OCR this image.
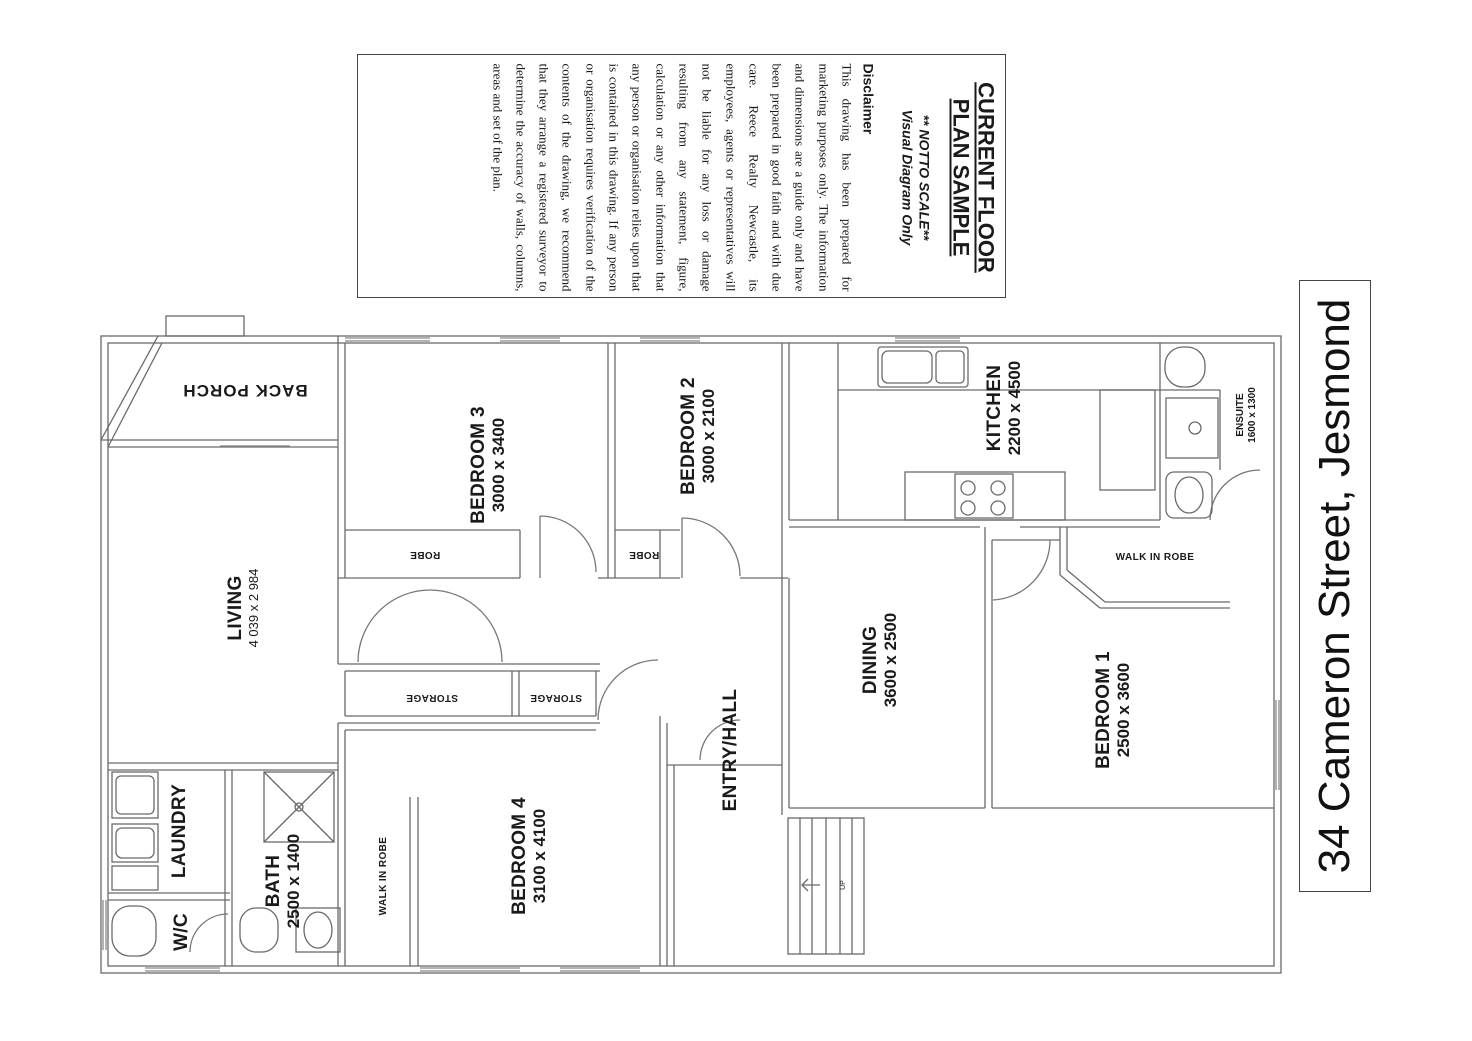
CURRENT FLOOR
PLAN SAMPLE
** NOTTO SCALE**
Visual Diagram Only
Disclaimer
This drawing has been prepared for marketing purposes only. The information and dimensions are a guide only and have been prepared in good faith and with due care. Reece Realty Newcastle, its employees, agents or representatives will not be liable for any loss or damage resulting from any statement, figure, calculation or any other information that any person or organisation relies upon that is contained in this drawing. If any person or organisation requires verification of the contents of the drawing, we recommend that they arrange a registered surveyor to determine the accuracy of walls, columns, areas and set of the plan.
34 Cameron Street, Jesmond
BACK PORCH
BEDROOM 3 3000 x 3400	BEDROOM 2 3000 x 2100	KITCHEN 2200 x 4500	ENSUITE 1600 x 1300
LIVING 4 039 x 2 984
ROBE	ROBE	WALK IN ROBE
STORAGE	STORAGE
DINING 3600 x 2500	BEDROOM 1 2500 x 3600
ENTRY/HALL
BEDROOM 4 3100 x 4100
WALK IN ROBE
LAUNDRY
BATH 2500 x 1400
W/C
UP
